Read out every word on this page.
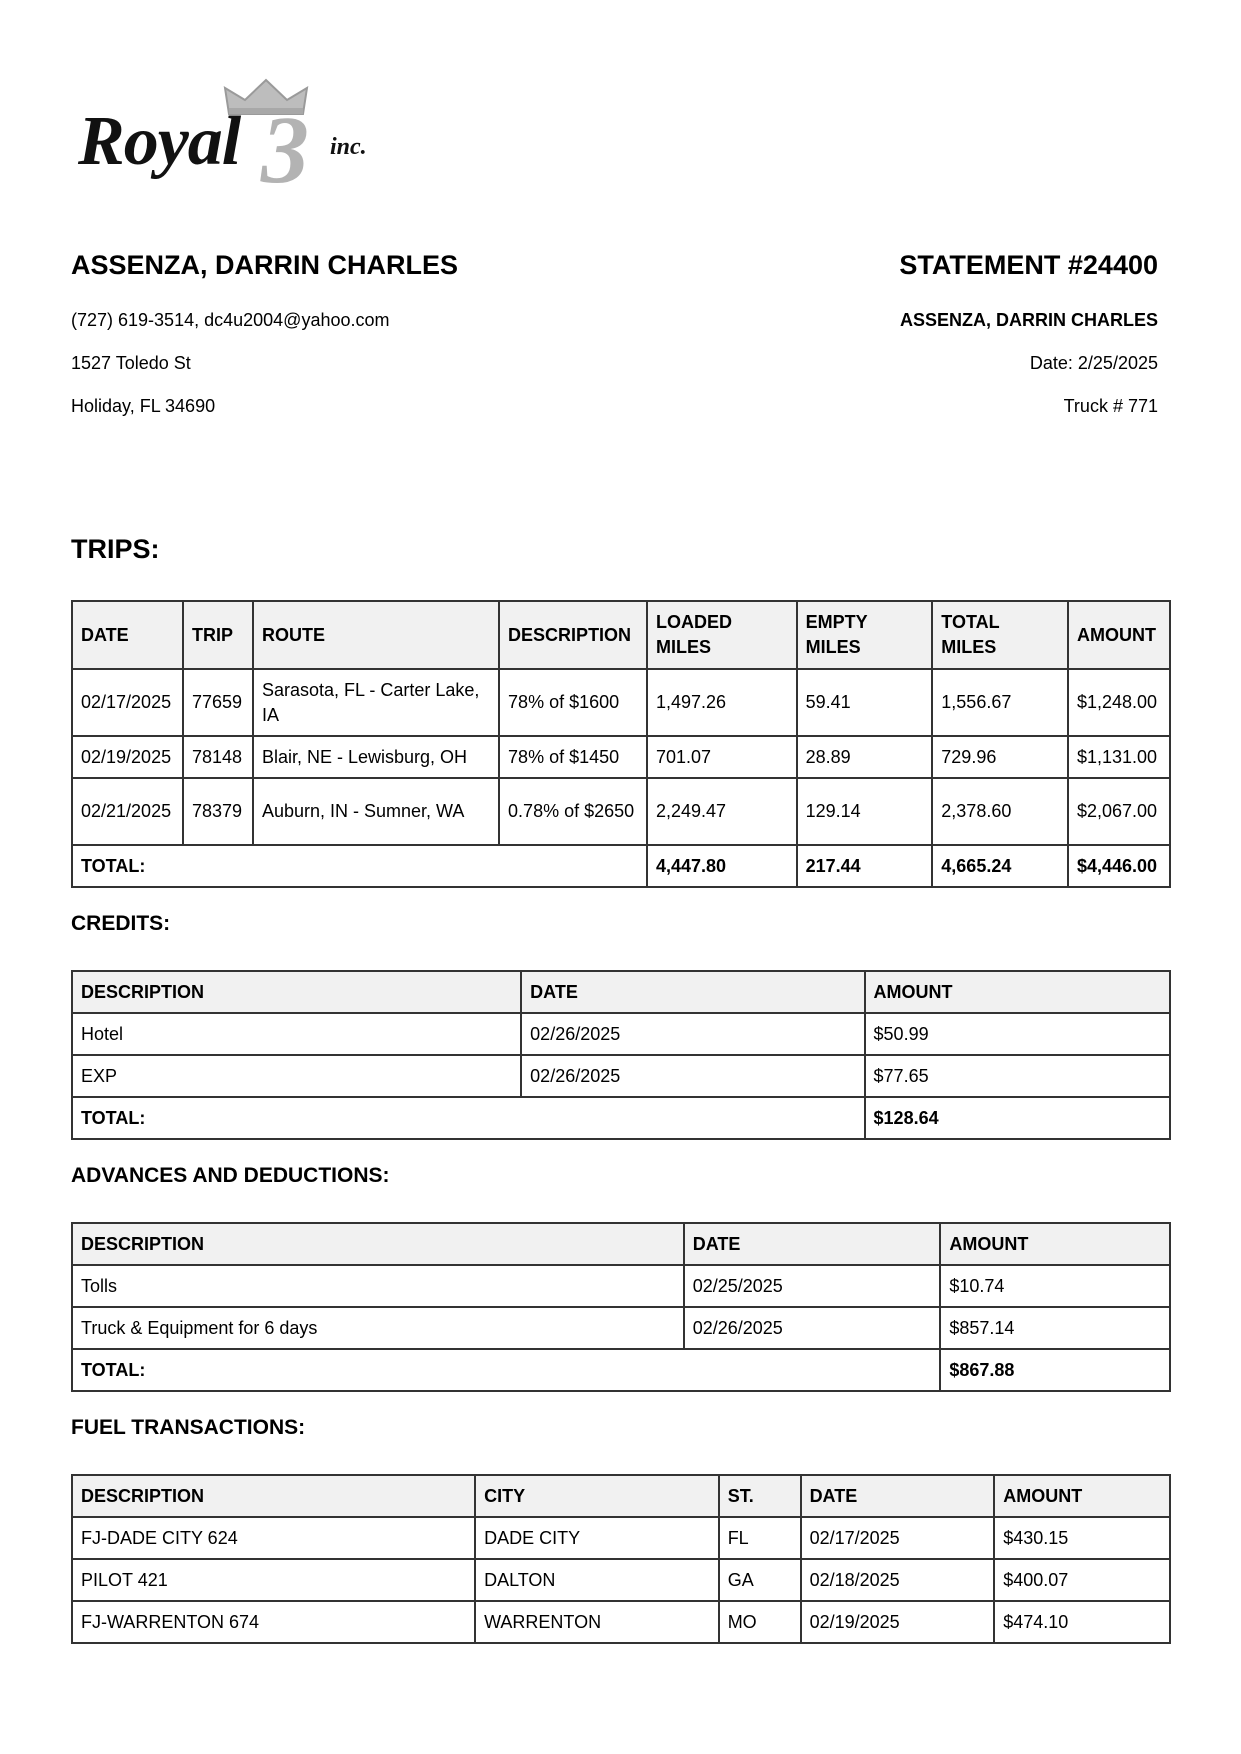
3
Royal	inc.
ASSENZA, DARRIN CHARLES	STATEMENT #24400
(727) 619-3514, dc4u2004@yahoo.com
1527 Toledo St
Holiday, FL 34690
ASSENZA, DARRIN CHARLES
Date: 2/25/2025
Truck # 771
TRIPS:
DATE	TRIP	ROUTE	DESCRIPTION	LOADED MILES	EMPTY MILES	TOTAL MILES	AMOUNT
02/17/2025	77659	Sarasota, FL - Carter Lake, IA	78% of $1600	1,497.26	59.41	1,556.67	$1,248.00
02/19/2025	78148	Blair, NE - Lewisburg, OH	78% of $1450	701.07	28.89	729.96	$1,131.00
02/21/2025	78379	Auburn, IN - Sumner, WA	0.78% of $2650	2,249.47	129.14	2,378.60	$2,067.00
TOTAL:				4,447.80	217.44	4,665.24	$4,446.00
CREDITS:
DESCRIPTION	DATE	AMOUNT
Hotel	02/26/2025	$50.99
EXP	02/26/2025	$77.65
TOTAL:		$128.64
ADVANCES AND DEDUCTIONS:
DESCRIPTION	DATE	AMOUNT
Tolls	02/25/2025	$10.74
Truck & Equipment for 6 days	02/26/2025	$857.14
TOTAL:		$867.88
FUEL TRANSACTIONS:
DESCRIPTION	CITY	ST.	DATE	AMOUNT
FJ-DADE CITY 624	DADE CITY	FL	02/17/2025	$430.15
PILOT 421	DALTON	GA	02/18/2025	$400.07
FJ-WARRENTON 674	WARRENTON	MO	02/19/2025	$474.10
